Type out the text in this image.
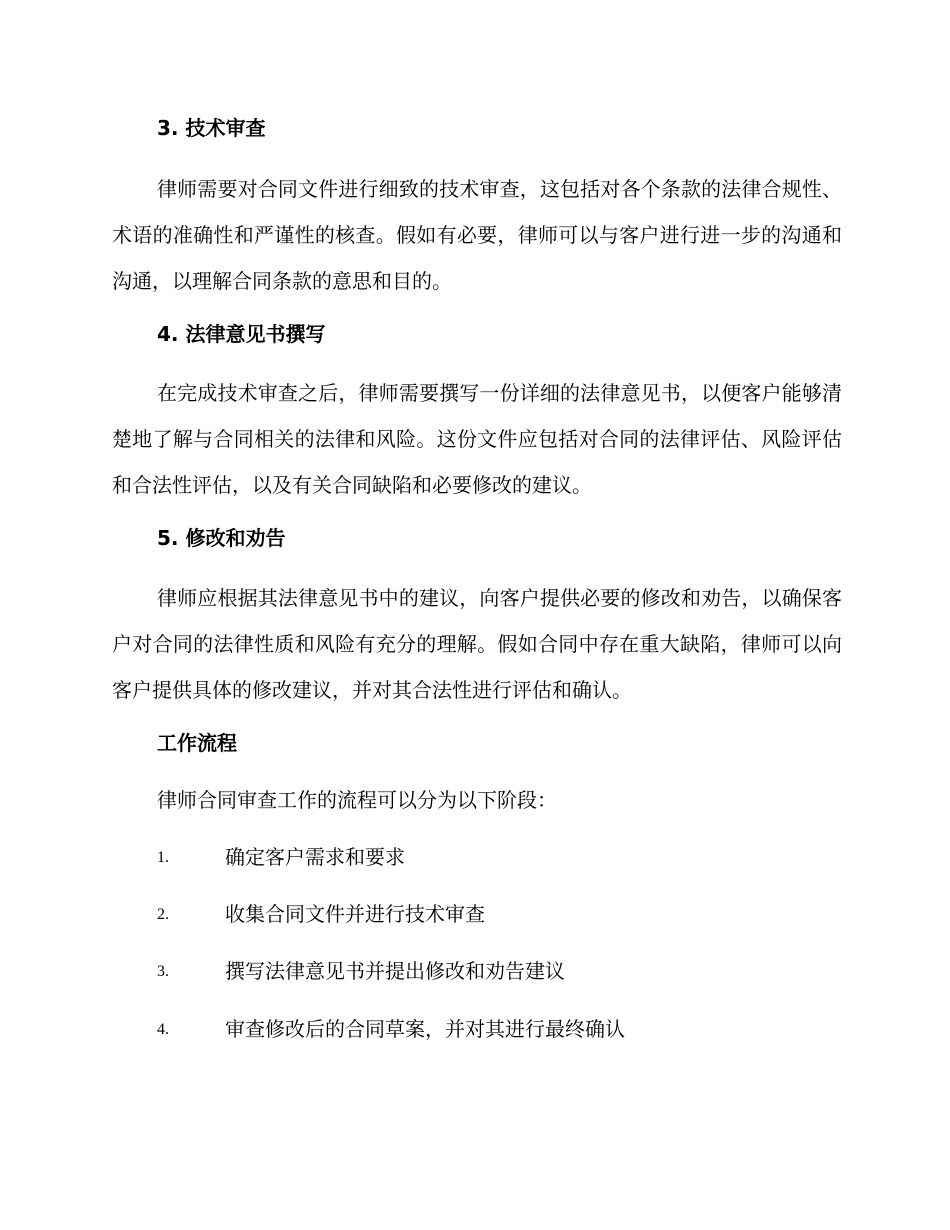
3. 技术审查
律师需要对合同文件进行细致的技术审查，这包括对各个条款的法律合规性、术语的准确性和严谨性的核查。假如有必要，律师可以与客户进行进一步的沟通和沟通，以理解合同条款的意思和目的。
4. 法律意见书撰写
在完成技术审查之后，律师需要撰写一份详细的法律意见书，以便客户能够清楚地了解与合同相关的法律和风险。这份文件应包括对合同的法律评估、风险评估和合法性评估，以及有关合同缺陷和必要修改的建议。
5. 修改和劝告
律师应根据其法律意见书中的建议，向客户提供必要的修改和劝告，以确保客户对合同的法律性质和风险有充分的理解。假如合同中存在重大缺陷，律师可以向客户提供具体的修改建议，并对其合法性进行评估和确认。
工作流程
律师合同审查工作的流程可以分为以下阶段：
1.	确定客户需求和要求
2.	收集合同文件并进行技术审查
3.	撰写法律意见书并提出修改和劝告建议
4.	审查修改后的合同草案，并对其进行最终确认
